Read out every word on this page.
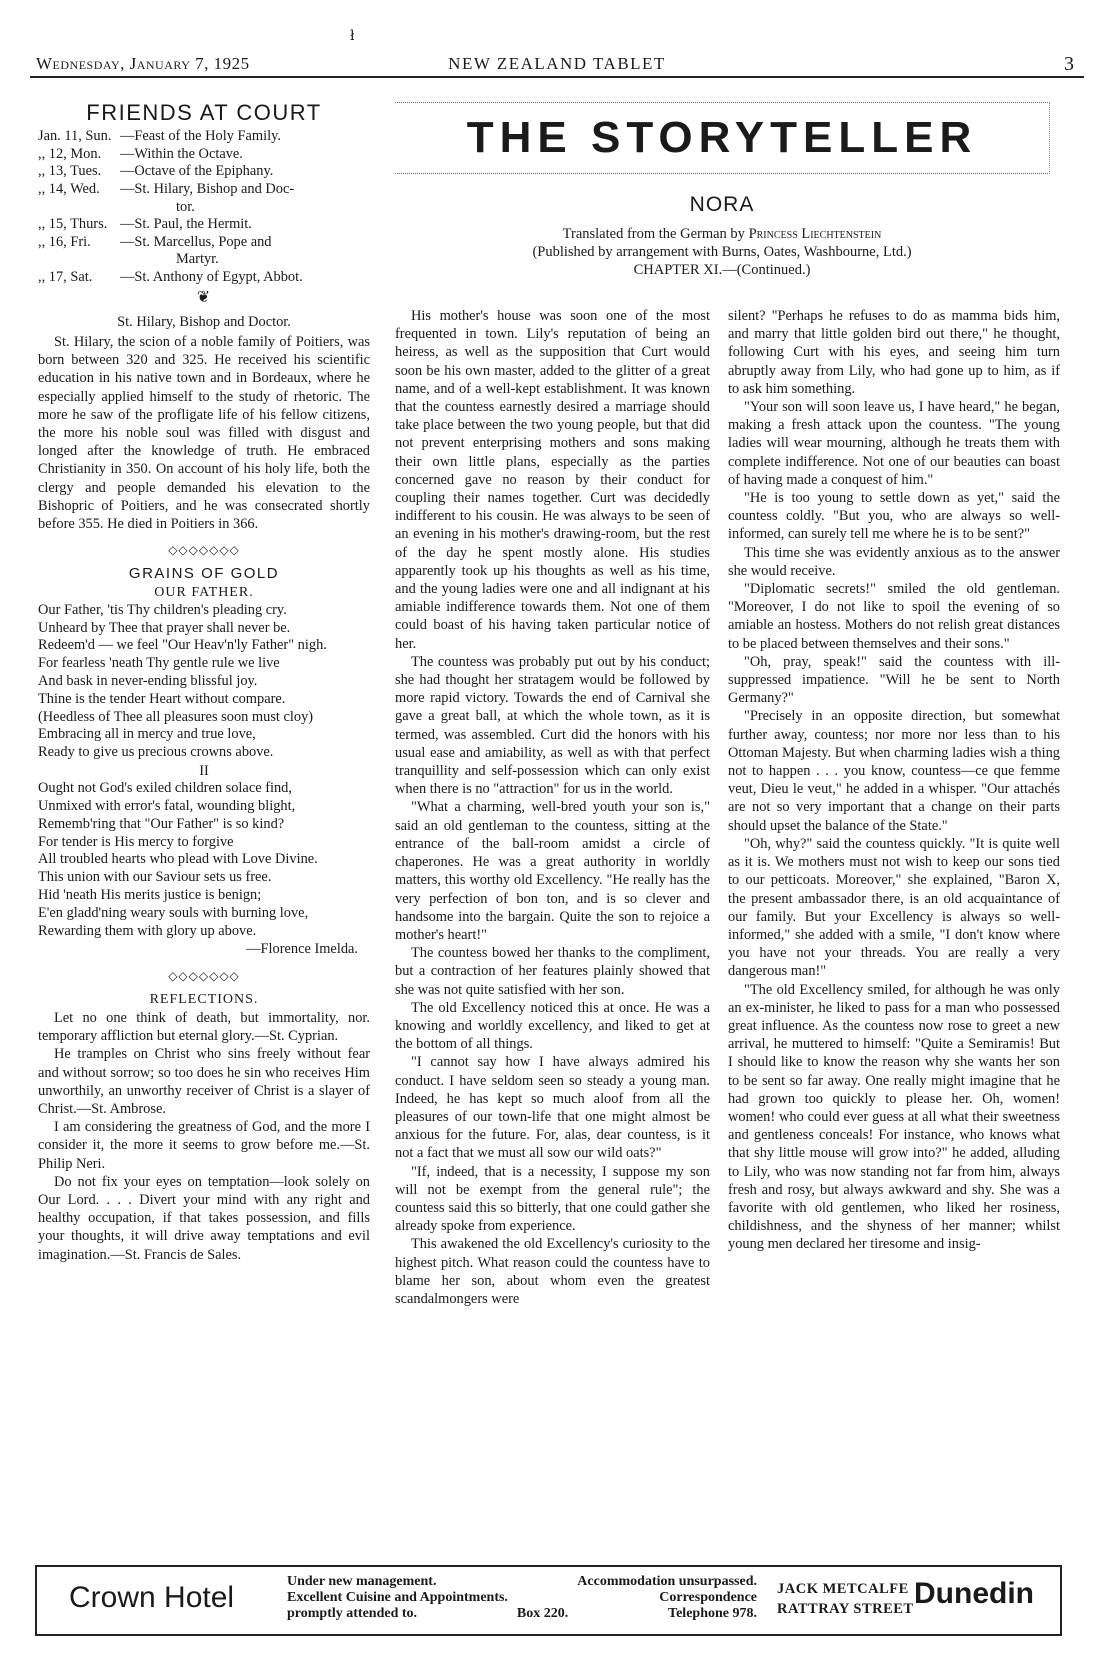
ł
Wednesday, January 7, 1925	NEW ZEALAND TABLET	3
FRIENDS AT COURT
Jan. 11, Sun. —Feast of the Holy Family.
,, 12, Mon.	—Within the Octave.
,, 13, Tues.	—Octave of the Epiphany.
,, 14, Wed.	—St. Hilary, Bishop and Doc-
tor.
,, 15, Thurs. —St. Paul, the Hermit.
,, 16, Fri.	—St. Marcellus, Pope and
Martyr.
,, 17, Sat.	—St. Anthony of Egypt, Abbot.
❦
St. Hilary, Bishop and Doctor.

St. Hilary, the scion of a noble family of Poitiers, was born between 320 and 325. He received his scientific education in his native town and in Bordeaux, where he especially applied himself to the study of rhetoric. The more he saw of the profligate life of his fellow citizens, the more his noble soul was filled with disgust and longed after the knowledge of truth. He embraced Christianity in 350. On account of his holy life, both the clergy and people demanded his elevation to the Bishopric of Poitiers, and he was consecrated shortly before 355. He died in Poitiers in 366.

◇◇◇◇◇◇◇
GRAINS OF GOLD
OUR FATHER.
Our Father, 'tis Thy children's pleading cry.
Unheard by Thee that prayer shall never be.
Redeem'd — we feel "Our Heav'n'ly Father" nigh.
For fearless 'neath Thy gentle rule we live
And bask in never-ending blissful joy.
Thine is the tender Heart without compare.
(Heedless of Thee all pleasures soon must cloy)
Embracing all in mercy and true love,
Ready to give us precious crowns above.
II
Ought not God's exiled children solace find,
Unmixed with error's fatal, wounding blight,
Rememb'ring that "Our Father" is so kind?
For tender is His mercy to forgive
All troubled hearts who plead with Love Divine.
This union with our Saviour sets us free.
Hid 'neath His merits justice is benign;
E'en gladd'ning weary souls with burning love,
Rewarding them with glory up above.
—Florence Imelda.
◇◇◇◇◇◇◇
REFLECTIONS.

Let no one think of death, but immortality, nor. temporary affliction but eternal glory.—St. Cyprian.

He tramples on Christ who sins freely without fear and without sorrow; so too does he sin who receives Him unworthily, an unworthy receiver of Christ is a slayer of Christ.—St. Ambrose.

I am considering the greatness of God, and the more I consider it, the more it seems to grow before me.—St. Philip Neri.

Do not fix your eyes on temptation—look solely on Our Lord. . . . Divert your mind with any right and healthy occupation, if that takes possession, and fills your thoughts, it will drive away temptations and evil imagination.—St. Francis de Sales.

THE STORYTELLER
NORA
Translated from the German by Princess Liechtenstein
(Published by arrangement with Burns, Oates, Washbourne, Ltd.)
CHAPTER XI.—(Continued.)

His mother's house was soon one of the most frequented in town. Lily's reputation of being an heiress, as well as the supposition that Curt would soon be his own master, added to the glitter of a great name, and of a well-kept establishment. It was known that the countess earnestly desired a marriage should take place between the two young people, but that did not prevent enterprising mothers and sons making their own little plans, especially as the parties concerned gave no reason by their conduct for coupling their names together. Curt was decidedly indifferent to his cousin. He was always to be seen of an evening in his mother's drawing-room, but the rest of the day he spent mostly alone. His studies apparently took up his thoughts as well as his time, and the young ladies were one and all indignant at his amiable indifference towards them. Not one of them could boast of his having taken particular notice of her.

The countess was probably put out by his conduct; she had thought her stratagem would be followed by more rapid victory. Towards the end of Carnival she gave a great ball, at which the whole town, as it is termed, was assembled. Curt did the honors with his usual ease and amiability, as well as with that perfect tranquillity and self-possession which can only exist when there is no "attraction" for us in the world.

"What a charming, well-bred youth your son is," said an old gentleman to the countess, sitting at the entrance of the ball-room amidst a circle of chaperones. He was a great authority in worldly matters, this worthy old Excellency. "He really has the very perfection of bon ton, and is so clever and handsome into the bargain. Quite the son to rejoice a mother's heart!"

The countess bowed her thanks to the compliment, but a contraction of her features plainly showed that she was not quite satisfied with her son.

The old Excellency noticed this at once. He was a knowing and worldly excellency, and liked to get at the bottom of all things.

"I cannot say how I have always admired his conduct. I have seldom seen so steady a young man. Indeed, he has kept so much aloof from all the pleasures of our town-life that one might almost be anxious for the future. For, alas, dear countess, is it not a fact that we must all sow our wild oats?"

"If, indeed, that is a necessity, I suppose my son will not be exempt from the general rule"; the countess said this so bitterly, that one could gather she already spoke from experience.

This awakened the old Excellency's curiosity to the highest pitch. What reason could the countess have to blame her son, about whom even the greatest scandalmongers were

silent? "Perhaps he refuses to do as mamma bids him, and marry that little golden bird out there," he thought, following Curt with his eyes, and seeing him turn abruptly away from Lily, who had gone up to him, as if to ask him something.

"Your son will soon leave us, I have heard," he began, making a fresh attack upon the countess. "The young ladies will wear mourning, although he treats them with complete indifference. Not one of our beauties can boast of having made a conquest of him."

"He is too young to settle down as yet," said the countess coldly. "But you, who are always so well-informed, can surely tell me where he is to be sent?"

This time she was evidently anxious as to the answer she would receive.

"Diplomatic secrets!" smiled the old gentleman. "Moreover, I do not like to spoil the evening of so amiable an hostess. Mothers do not relish great distances to be placed between themselves and their sons."

"Oh, pray, speak!" said the countess with ill-suppressed impatience. "Will he be sent to North Germany?"

"Precisely in an opposite direction, but somewhat further away, countess; nor more nor less than to his Ottoman Majesty. But when charming ladies wish a thing not to happen . . . you know, countess—ce que femme veut, Dieu le veut," he added in a whisper. "Our attachés are not so very important that a change on their parts should upset the balance of the State."

"Oh, why?" said the countess quickly. "It is quite well as it is. We mothers must not wish to keep our sons tied to our petticoats. Moreover," she explained, "Baron X, the present ambassador there, is an old acquaintance of our family. But your Excellency is always so well-informed," she added with a smile, "I don't know where you have not your threads. You are really a very dangerous man!"

"The old Excellency smiled, for although he was only an ex-minister, he liked to pass for a man who possessed great influence. As the countess now rose to greet a new arrival, he muttered to himself: "Quite a Semiramis! But I should like to know the reason why she wants her son to be sent so far away. One really might imagine that he had grown too quickly to please her. Oh, women! women! who could ever guess at all what their sweetness and gentleness conceals! For instance, who knows what that shy little mouse will grow into?" he added, alluding to Lily, who was now standing not far from him, always fresh and rosy, but always awkward and shy. She was a favorite with old gentlemen, who liked her rosiness, childishness, and the shyness of her manner; whilst young men declared her tiresome and insig-

Crown Hotel	Under new management.	Accommodation unsurpassed.
Excellent Cuisine and Appointments.	Correspondence
promptly attended to.	Box 220.	Telephone 978.
JACK METCALFE
RATTRAY STREET Dunedin
